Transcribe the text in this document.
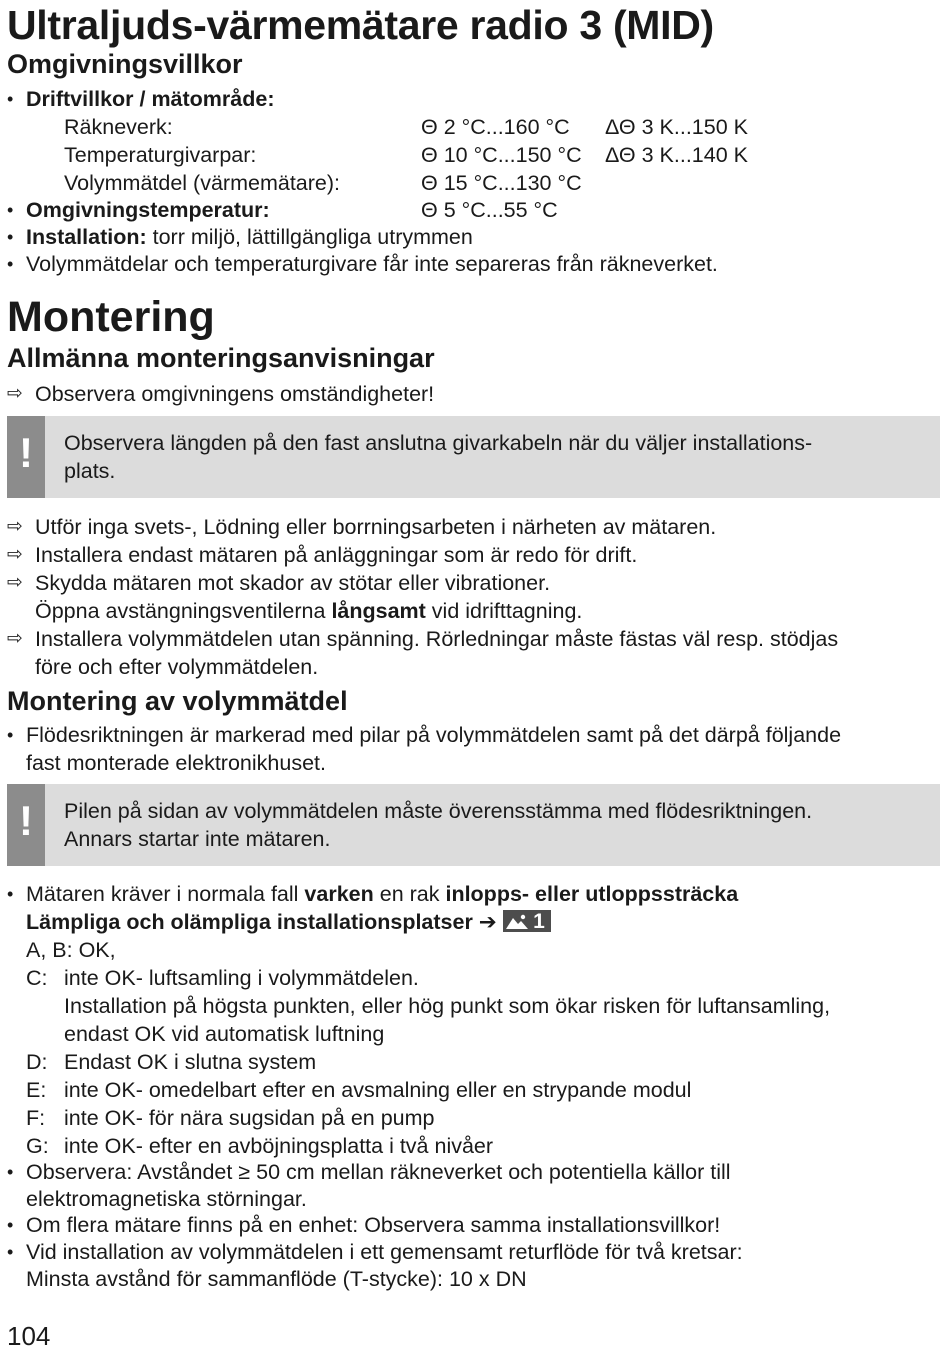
Ultraljuds-värmemätare radio 3 (MID)
Omgivningsvillkor
• Driftvillkor / mätområde:
Räkneverk:	Θ 2 °C...160 °C ΔΘ 3 K...150 K
Temperaturgivarpar:	Θ 10 °C...150 °C ΔΘ 3 K...140 K
Volymmätdel (värmemätare):	Θ 15 °C...130 °C
• Omgivningstemperatur:	Θ 5 °C...55 °C
• Installation: torr miljö, lättillgängliga utrymmen
• Volymmätdelar och temperaturgivare får inte separeras från räkneverket.
Montering
Allmänna monteringsanvisningar
⇨ Observera omgivningens omständigheter!
!	Observera längden på den fast anslutna givarkabeln när du väljer installations-
plats.
⇨ Utför inga svets-, Lödning eller borrningsarbeten i närheten av mätaren.
⇨ Installera endast mätaren på anläggningar som är redo för drift.
⇨ Skydda mätaren mot skador av stötar eller vibrationer.
Öppna avstängningsventilerna långsamt vid idrifttagning.
⇨ Installera volymmätdelen utan spänning. Rörledningar måste fästas väl resp. stödjas
före och efter volymmätdelen.
Montering av volymmätdel
• Flödesriktningen är markerad med pilar på volymmätdelen samt på det därpå följande
fast monterade elektronikhuset.
!	Pilen på sidan av volymmätdelen måste överensstämma med flödesriktningen.
Annars startar inte mätaren.
• Mätaren kräver i normala fall varken en rak inlopps- eller utloppssträcka
Lämpliga och olämpliga installationsplatser ➔ 1
A, B: OK,
C: inte OK- luftsamling i volymmätdelen.
Installation på högsta punkten, eller hög punkt som ökar risken för luftansamling,
endast OK vid automatisk luftning
D: Endast OK i slutna system
E: inte OK- omedelbart efter en avsmalning eller en strypande modul
F: inte OK- för nära sugsidan på en pump
G: inte OK- efter en avböjningsplatta i två nivåer
• Observera: Avståndet ≥ 50 cm mellan räkneverket och potentiella källor till
elektromagnetiska störningar.
• Om flera mätare finns på en enhet: Observera samma installationsvillkor!
• Vid installation av volymmätdelen i ett gemensamt returflöde för två kretsar:
Minsta avstånd för sammanflöde (T-stycke): 10 x DN
104
